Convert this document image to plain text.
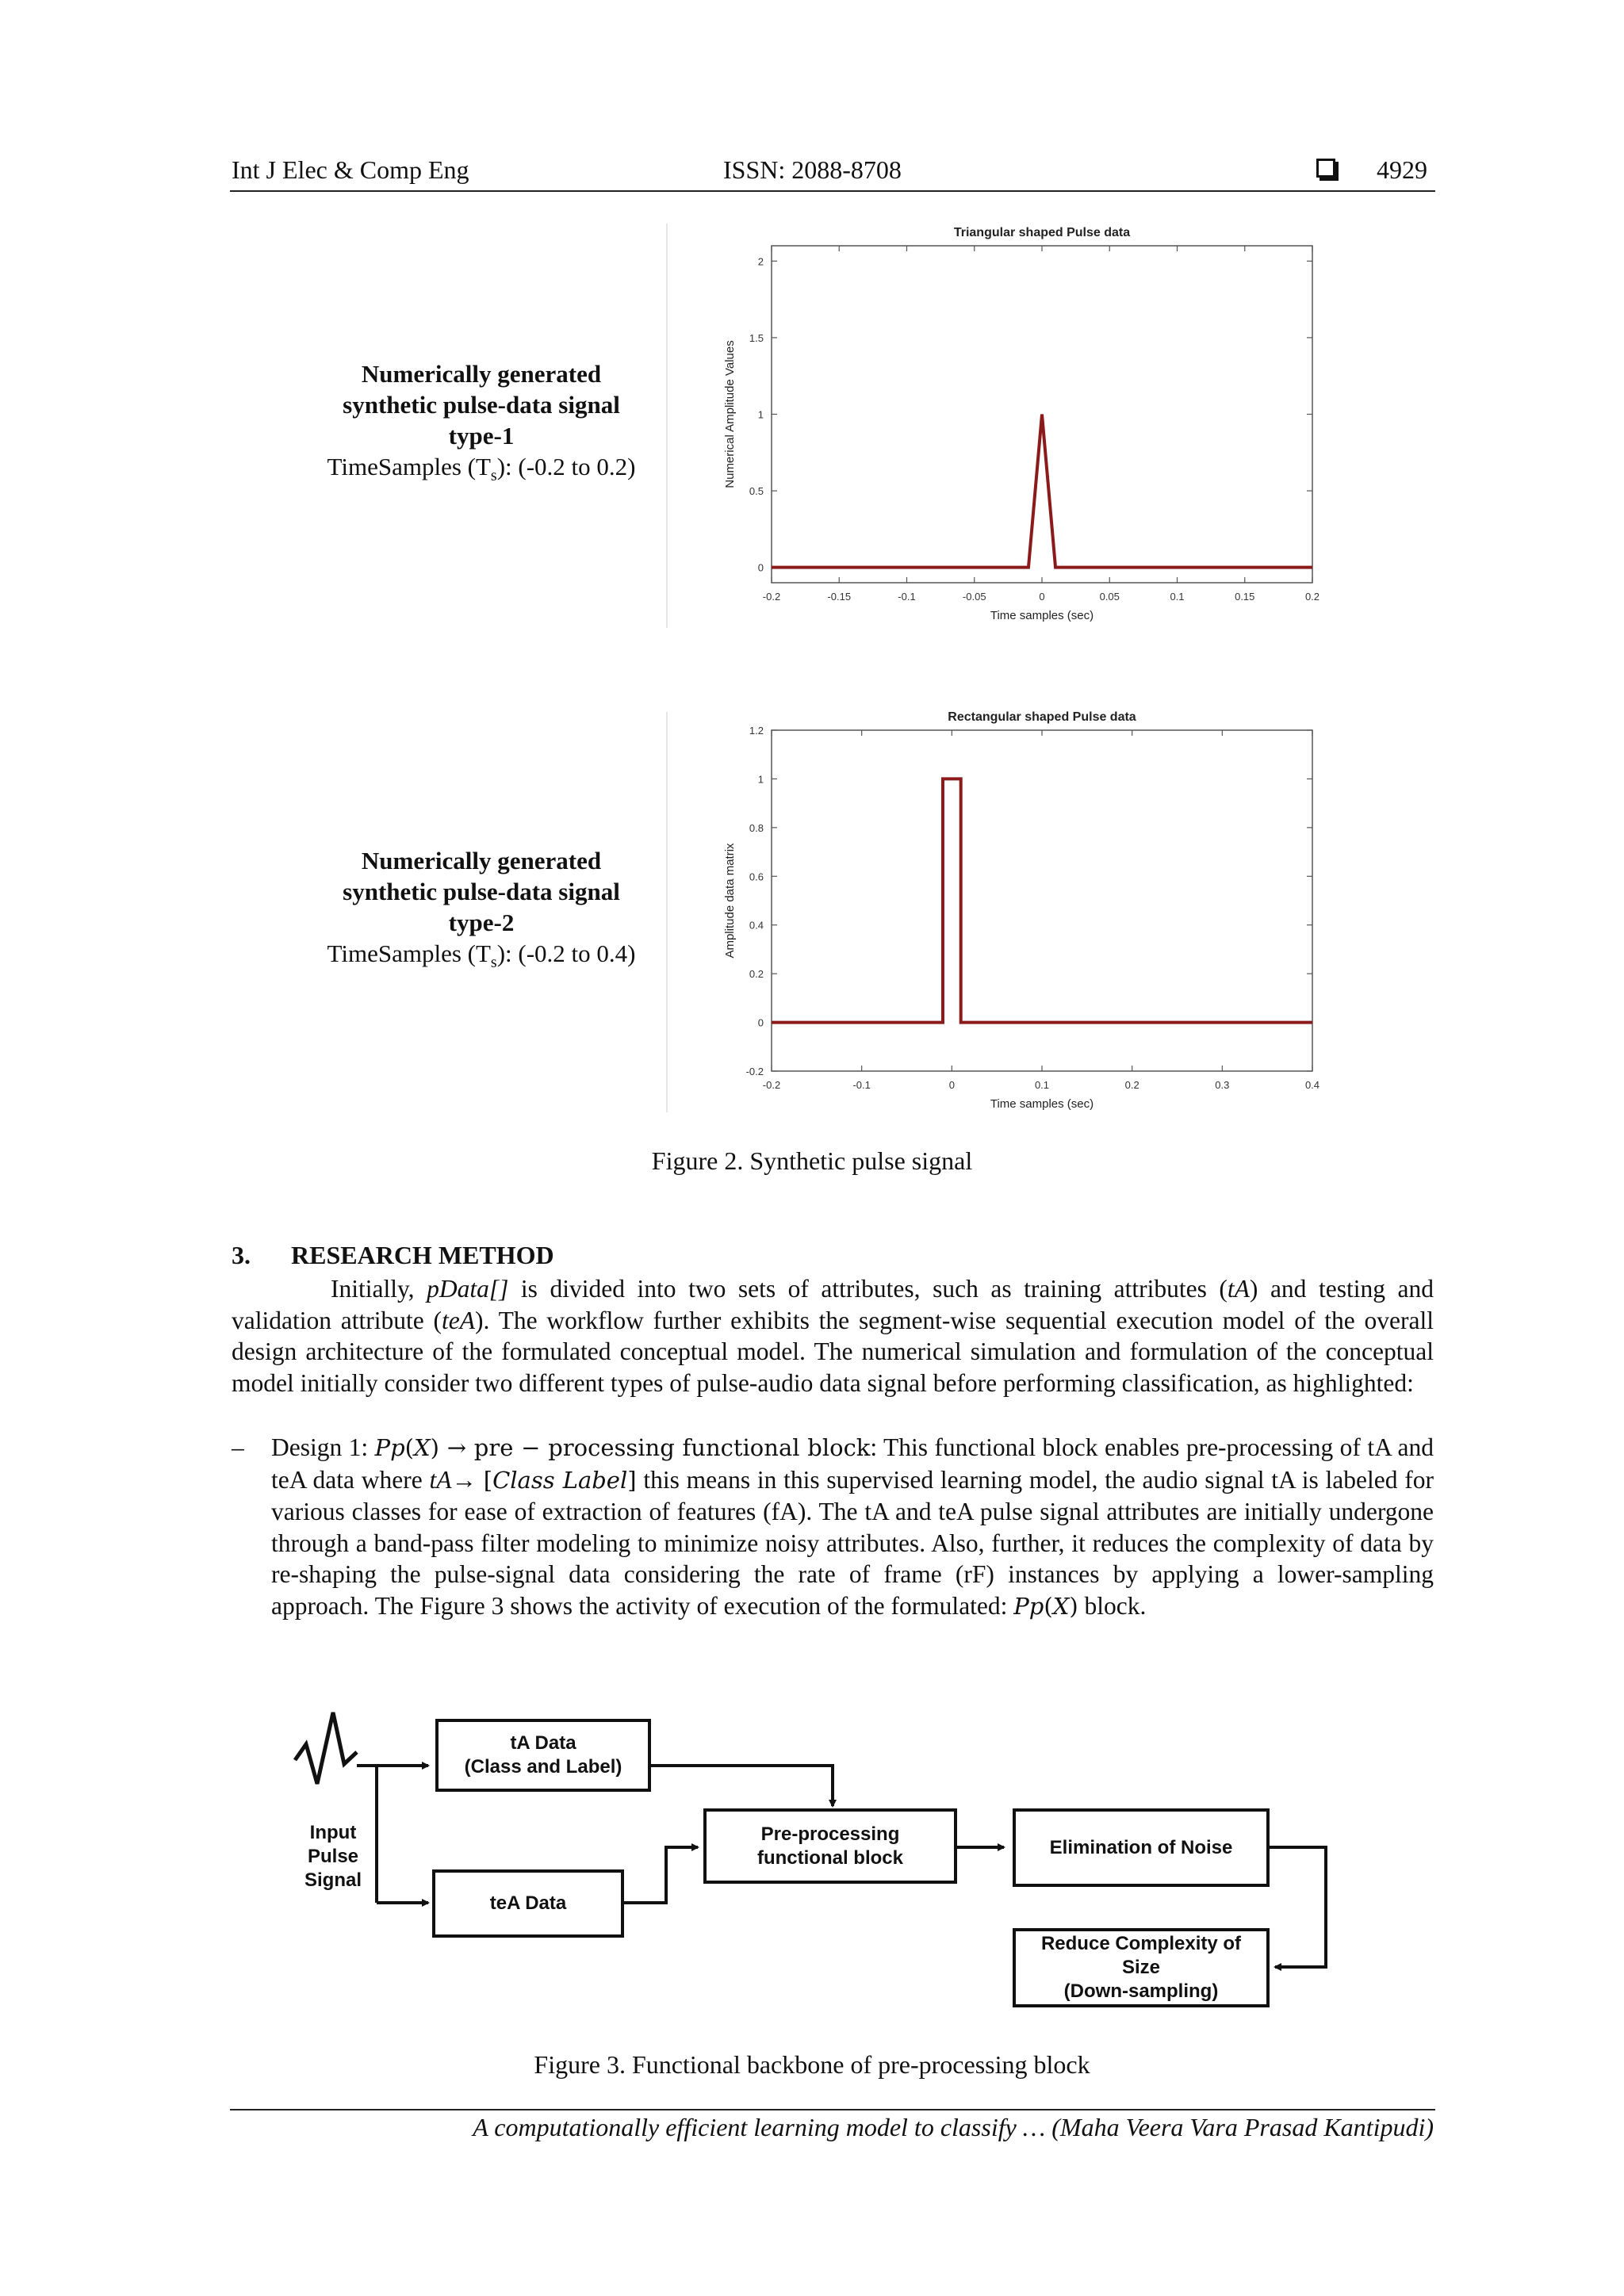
Int J Elec & Comp Eng	ISSN: 2088-8708	4929
Numerically generated
synthetic pulse-data signal
type-1
TimeSamples $(T_s)$: (-0.2 to 0.2)
Triangular shaped Pulse data
-0.2	-0.15	-0.1	-0.05	0	0.05	0.1	0.15	0.2
0
0.5
1
1.5
2
Time samples (sec)
Numerical Amplitude Values
Numerically generated
synthetic pulse-data signal
type-2
TimeSamples $(T_s)$: (-0.2 to 0.4)
Rectangular shaped Pulse data
-0.2	-0.1	0	0.1	0.2	0.3	0.4
-0.2
0
0.2
0.4
0.6
0.8
1
1.2
Time samples (sec)
Amplitude data matrix
Figure 2. Synthetic pulse signal
3. RESEARCH METHOD

Initially, pData[] is divided into two sets of attributes, such as training attributes (tA) and testing and validation attribute (teA). The workflow further exhibits the segment-wise sequential execution model of the overall design architecture of the formulated conceptual model. The numerical simulation and formulation of the conceptual model initially consider two different types of pulse-audio data signal before performing classification, as highlighted:

–	Design 1: Pp(X) → pre − processing functional block: This functional block enables pre-processing of tA and teA data where tA→ [Class Label] this means in this supervised learning model, the audio signal tA is labeled for various classes for ease of extraction of features (fA). The tA and teA pulse signal attributes are initially undergone through a band-pass filter modeling to minimize noisy attributes. Also, further, it reduces the complexity of data by re-shaping the pulse-signal data considering the rate of frame (rF) instances by applying a lower-sampling approach. The Figure 3 shows the activity of execution of the formulated: Pp(X) block.
Input
Pulse
Signal
tA Data
(Class and Label)
teA Data
Pre-processing
functional block	Elimination of Noise
Reduce Complexity of
Size
(Down-sampling)
Figure 3. Functional backbone of pre-processing block
A computationally efficient learning model to classify … (Maha Veera Vara Prasad Kantipudi)
